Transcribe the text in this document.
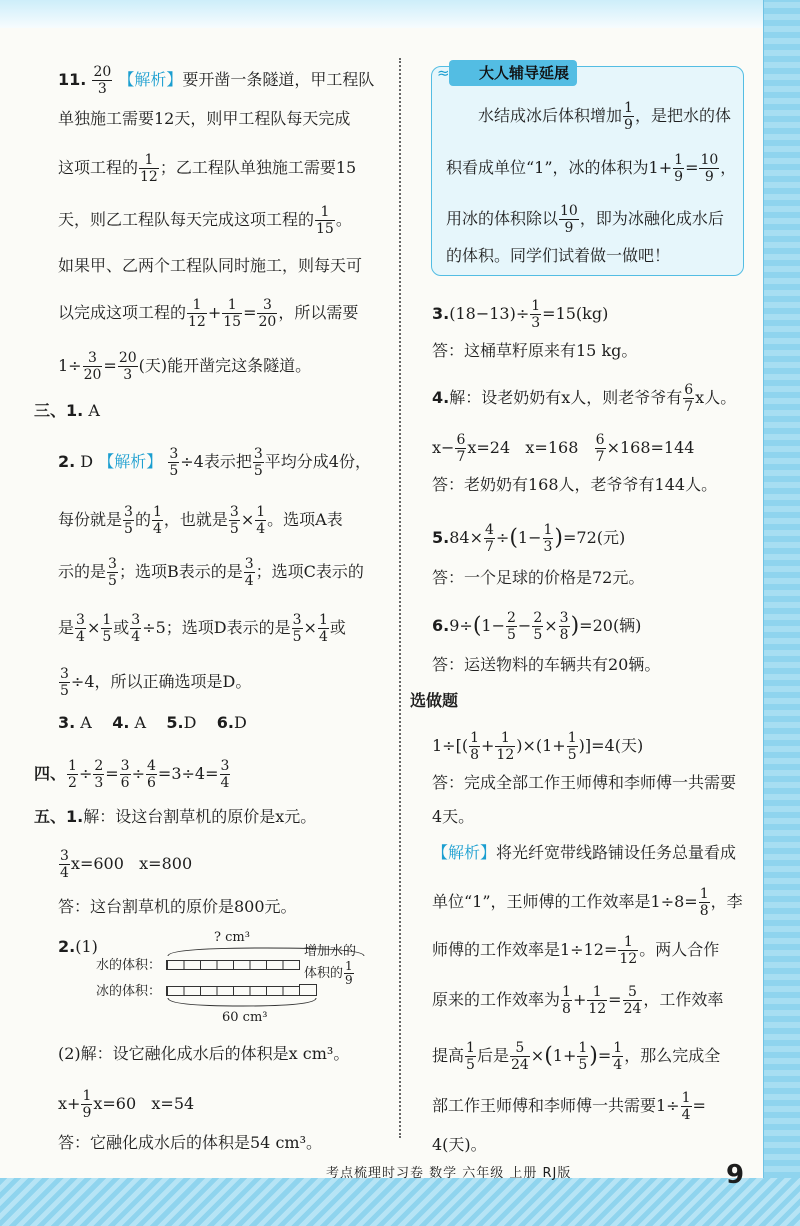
11. $\frac{20}{3}$ 【解析】要开凿一条隧道，甲工程队
单独施工需要12天，则甲工程队每天完成
这项工程的 $\frac{1}{12}$ ；乙工程队单独施工需要15
天，则乙工程队每天完成这项工程的 $\frac{1}{15}$ 。
如果甲、乙两个工程队同时施工，则每天可
以完成这项工程的 $\frac{1}{12} + \frac{1}{15} = \frac{3}{20}$ ，所以需要
$1\div \frac{3}{20} = \frac{20}{3}$ (天)能开凿完这条隧道。
三、1. A
2. D 【解析】 $\frac{3}{5} \div 4$表示把 $\frac{3}{5}$ 平均分成4份，
每份就是 $\frac{3}{5}$ 的 $\frac{1}{4}$ ，也就是 $\frac{3}{5} \times \frac{1}{4}$ 。选项A表
示的是 $\frac{3}{5}$ ；选项B表示的是 $\frac{3}{4}$ ；选项C表示的
是 $\frac{3}{4} \times \frac{1}{5}$ 或 $\frac{3}{4} \div 5$；选项D表示的是 $\frac{3}{5} \times \frac{1}{4}$ 或
$\frac{3}{5} \div 4$，所以正确选项是D。
3. A 4. A 5.D 6.D
四、 $\frac{1}{2} \div \frac{2}{3} = \frac{3}{6} \div \frac{4}{6} =3\div 4= \frac{3}{4}$
五、1.解：设这台割草机的原价是x元。
$\frac{3}{4} x=600$   x=800
答：这台割草机的原价是800元。
2.(1)	? cm³
水的体积：
冰的体积：
60 cm³
增加水的
体积的 $\frac{1}{9}$
(2)解：设它融化成水后的体积是x cm³。
$x+ \frac{1}{9} x=60$   x=54
答：它融化成水后的体积是54 cm³。
大人辅导延展
≈
水结成冰后体积增加 $\frac{1}{9}$ ，是把水的体
积看成单位“1”，冰的体积为$1+ \frac{1}{9} = \frac{10}{9}$ ，
用冰的体积除以 $\frac{10}{9}$ ，即为冰融化成水后
的体积。同学们试着做一做吧！
$3.(18-13)\div \frac{1}{3} =15(kg)$
答：这桶草籽原来有15 kg。
4.解：设老奶奶有x人，则老爷爷有 $\frac{6}{7}$ x人。
$x- \frac{6}{7} x=24$   $x=168 \frac{6}{7} \times 168=144$
答：老奶奶有168人，老爷爷有144人。
$5.84\times \frac{4}{7} \div(1- \frac{1}{3} )=72$(元)
答：一个足球的价格是72元。
$6.9\div(1- \frac{2}{5} - \frac{2}{5} \times \frac{3}{8} )=20$(辆)
答：运送物料的车辆共有20辆。
选做题
$1\div[( \frac{1}{8} + \frac{1}{12} )\times(1+ \frac{1}{5} )]=4$(天)
答：完成全部工作王师傅和李师傅一共需要
4天。
【解析】将光纤宽带线路铺设任务总量看成
单位“1”，王师傅的工作效率是$1\div 8= \frac{1}{8}$ ，李
师傅的工作效率是$1\div 12= \frac{1}{12}$ 。两人合作
原来的工作效率为 $\frac{1}{8} + \frac{1}{12} = \frac{5}{24}$ ，工作效率
提高 $\frac{1}{5}$ 后是 $\frac{5}{24} \times(1+ \frac{1}{5}$ )= $\frac{1}{4}$ ，那么完成全
部工作王师傅和李师傅一共需要$1\div \frac{1}{4}$ =
4(天)。
考点梳理时习卷 数学 六年级 上册 RJ版	9
